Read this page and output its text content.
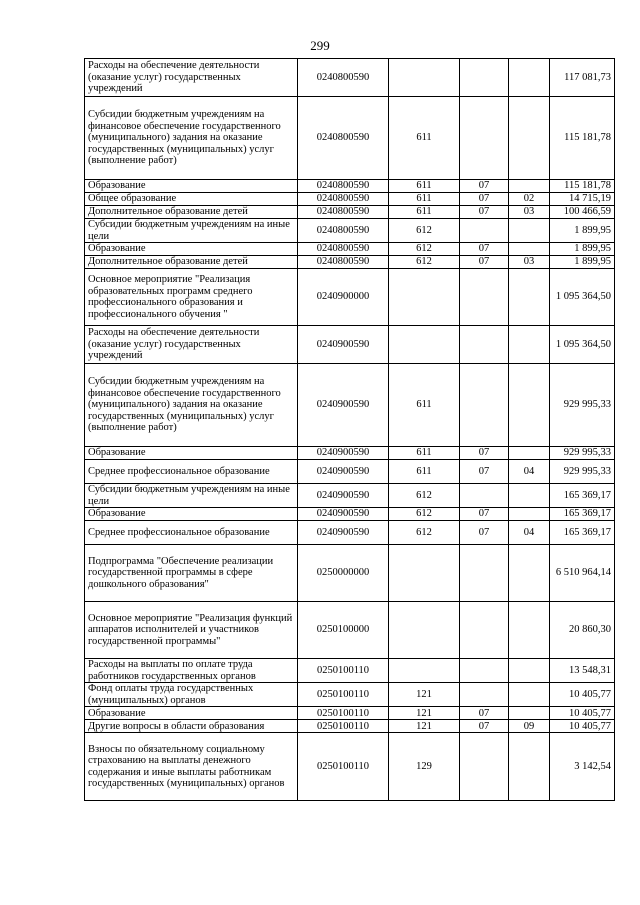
299
Расходы на обеспечение деятельности (оказание услуг) государственных учреждений	0240800590				117 081,73
Субсидии бюджетным учреждениям на финансовое обеспечение государственного (муниципального) задания на оказание государственных (муниципальных) услуг (выполнение работ)	0240800590	611			115 181,78
Образование	0240800590	611	07		115 181,78
Общее образование	0240800590	611	07	02	14 715,19
Дополнительное образование детей	0240800590	611	07	03	100 466,59
Субсидии бюджетным учреждениям на иные цели	0240800590	612			1 899,95
Образование	0240800590	612	07		1 899,95
Дополнительное образование детей	0240800590	612	07	03	1 899,95
Основное мероприятие "Реализация образовательных программ среднего профессионального образования и профессионального обучения "	0240900000				1 095 364,50
Расходы на обеспечение деятельности (оказание услуг) государственных учреждений	0240900590				1 095 364,50
Субсидии бюджетным учреждениям на финансовое обеспечение государственного (муниципального) задания на оказание государственных (муниципальных) услуг (выполнение работ)	0240900590	611			929 995,33
Образование	0240900590	611	07		929 995,33
Среднее профессиональное образование	0240900590	611	07	04	929 995,33
Субсидии бюджетным учреждениям на иные цели	0240900590	612			165 369,17
Образование	0240900590	612	07		165 369,17
Среднее профессиональное образование	0240900590	612	07	04	165 369,17
Подпрограмма "Обеспечение реализации государственной программы в сфере дошкольного образования"	0250000000				6 510 964,14
Основное мероприятие "Реализация функций аппаратов исполнителей и участников государственной программы"	0250100000				20 860,30
Расходы на выплаты по оплате труда работников государственных органов	0250100110				13 548,31
Фонд оплаты труда государственных (муниципальных) органов	0250100110	121			10 405,77
Образование	0250100110	121	07		10 405,77
Другие вопросы в области образования	0250100110	121	07	09	10 405,77
Взносы по обязательному социальному страхованию на выплаты денежного содержания и иные выплаты работникам государственных (муниципальных) органов	0250100110	129			3 142,54
